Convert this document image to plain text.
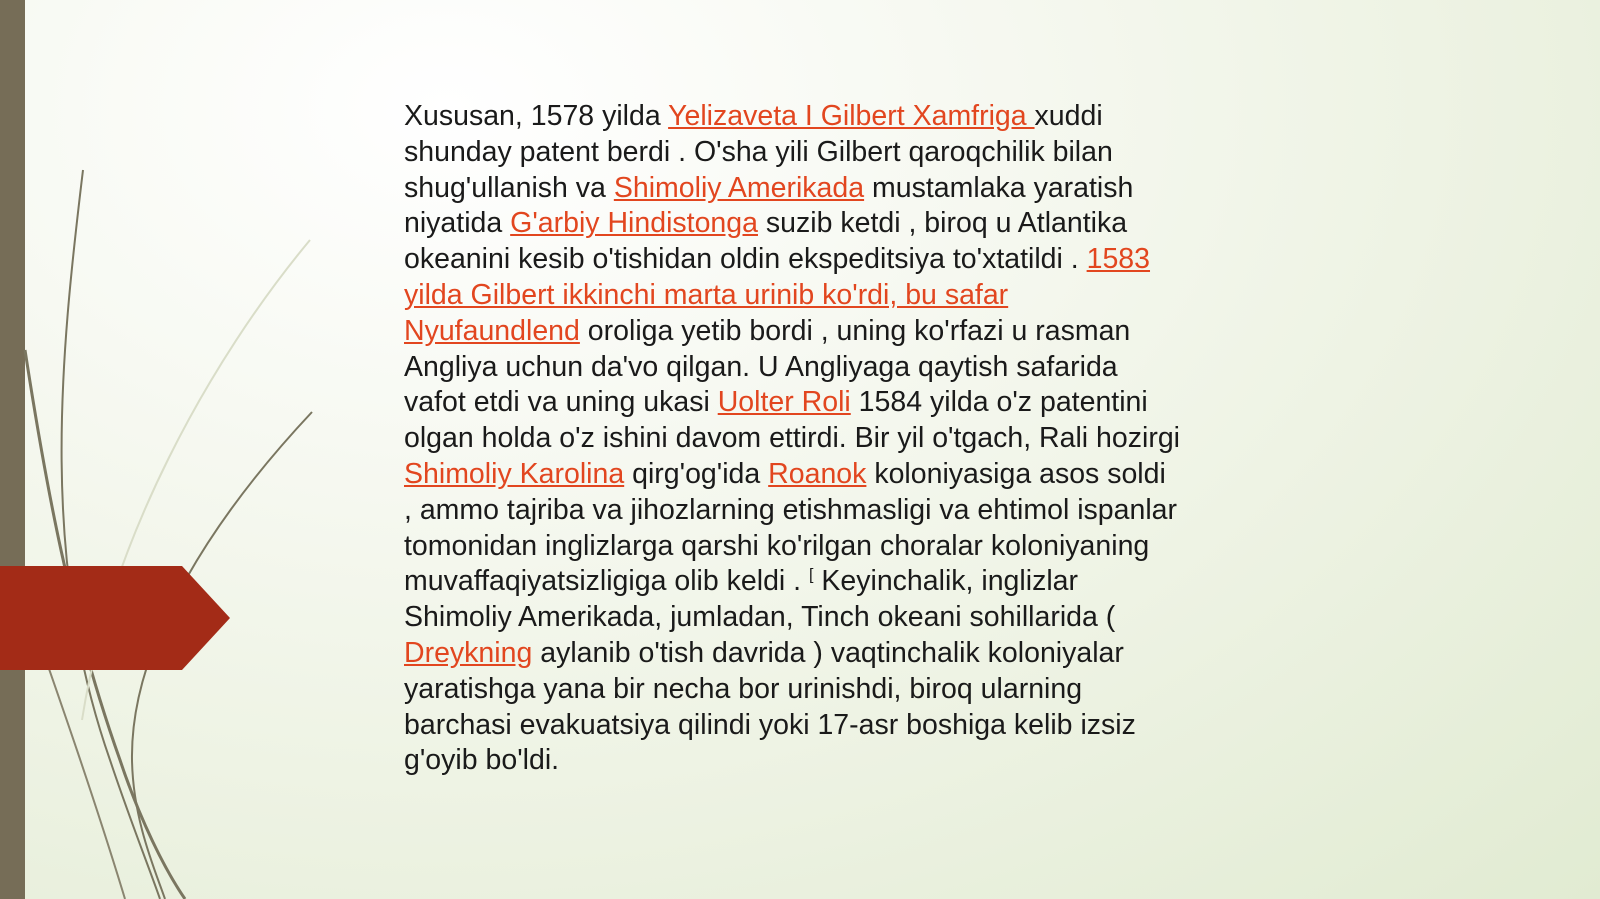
Xususan, 1578 yilda Yelizaveta I Gilbert Xamfriga xuddi shunday patent berdi . O'sha yili Gilbert qaroqchilik bilan shug'ullanish va Shimoliy Amerikada mustamlaka yaratish niyatida G'arbiy Hindistonga suzib ketdi , biroq u Atlantika okeanini kesib o'tishidan oldin ekspeditsiya to'xtatildi . 1583 yilda Gilbert ikkinchi marta urinib ko'rdi, bu safar Nyufaundlend oroliga yetib bordi , uning ko'rfazi u rasman Angliya uchun da'vo qilgan. U Angliyaga qaytish safarida vafot etdi va uning ukasi Uolter Roli 1584 yilda o'z patentini olgan holda o'z ishini davom ettirdi. Bir yil o'tgach, Rali hozirgi Shimoliy Karolina qirg'og'ida Roanok koloniyasiga asos soldi , ammo tajriba va jihozlarning etishmasligi va ehtimol ispanlar tomonidan inglizlarga qarshi ko'rilgan choralar koloniyaning muvaffaqiyatsizligiga olib keldi . [ Keyinchalik, inglizlar Shimoliy Amerikada, jumladan, Tinch okeani sohillarida ( Dreykning aylanib o'tish davrida ) vaqtinchalik koloniyalar yaratishga yana bir necha bor urinishdi, biroq ularning barchasi evakuatsiya qilindi yoki 17-asr boshiga kelib izsiz g'oyib bo'ldi.
